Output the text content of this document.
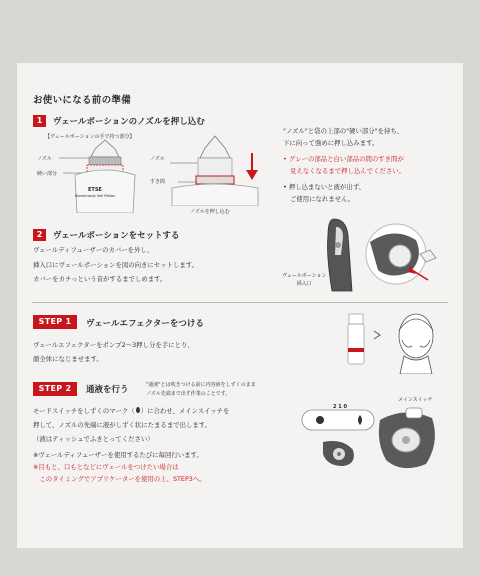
お使いになる前の準備
1	ヴェールポーションのノズルを押し込む
【ヴェールポーションの手で持つ部分】
ノズル
硬い部分
ETSE
Biomimesis Veil Potion
ノズル
すき間
ノズルを押し込む
"ノズル"と袋の上部の"硬い部分"を持ち、
下に向って強めに押し込みます。
• グレーの部品と白い部品の間のすき間が
見えなくなるまで押し込んでください。
• 押し込まないと液が出ず、
ご使用になれません。
2	ヴェールポーションをセットする
ヴェールディフューザーのカバーを外し、
挿入口にヴェールポーションを図の向きにセットします。
カバーをカチっという音がするまでしめます。	ヴェールポーション
挿入口
STEP 1	ヴェールエフェクターをつける
ヴェールエフェクターをポンプ2〜3押し分を手にとり、
顔全体になじませます。
STEP 2	通液を行う	"通液"とは吹きつける前に内容液をしずくのまま
ノズル先端まで出す作業のことです。
モードスイッチをしずくのマーク（ ）に合わせ、メインスイッチを
押して、ノズルの先端に液がしずく状にたまるまで出します。
（液はティッシュでふきとってください）
※ヴェールディフューザーを使用するたびに毎回行います。
※目もと、口もとなどにヴェールをつけたい場合は
　このタイミングでアプリケーターを使用の上、STEP3へ。
メインスイッチ
2 1 0
